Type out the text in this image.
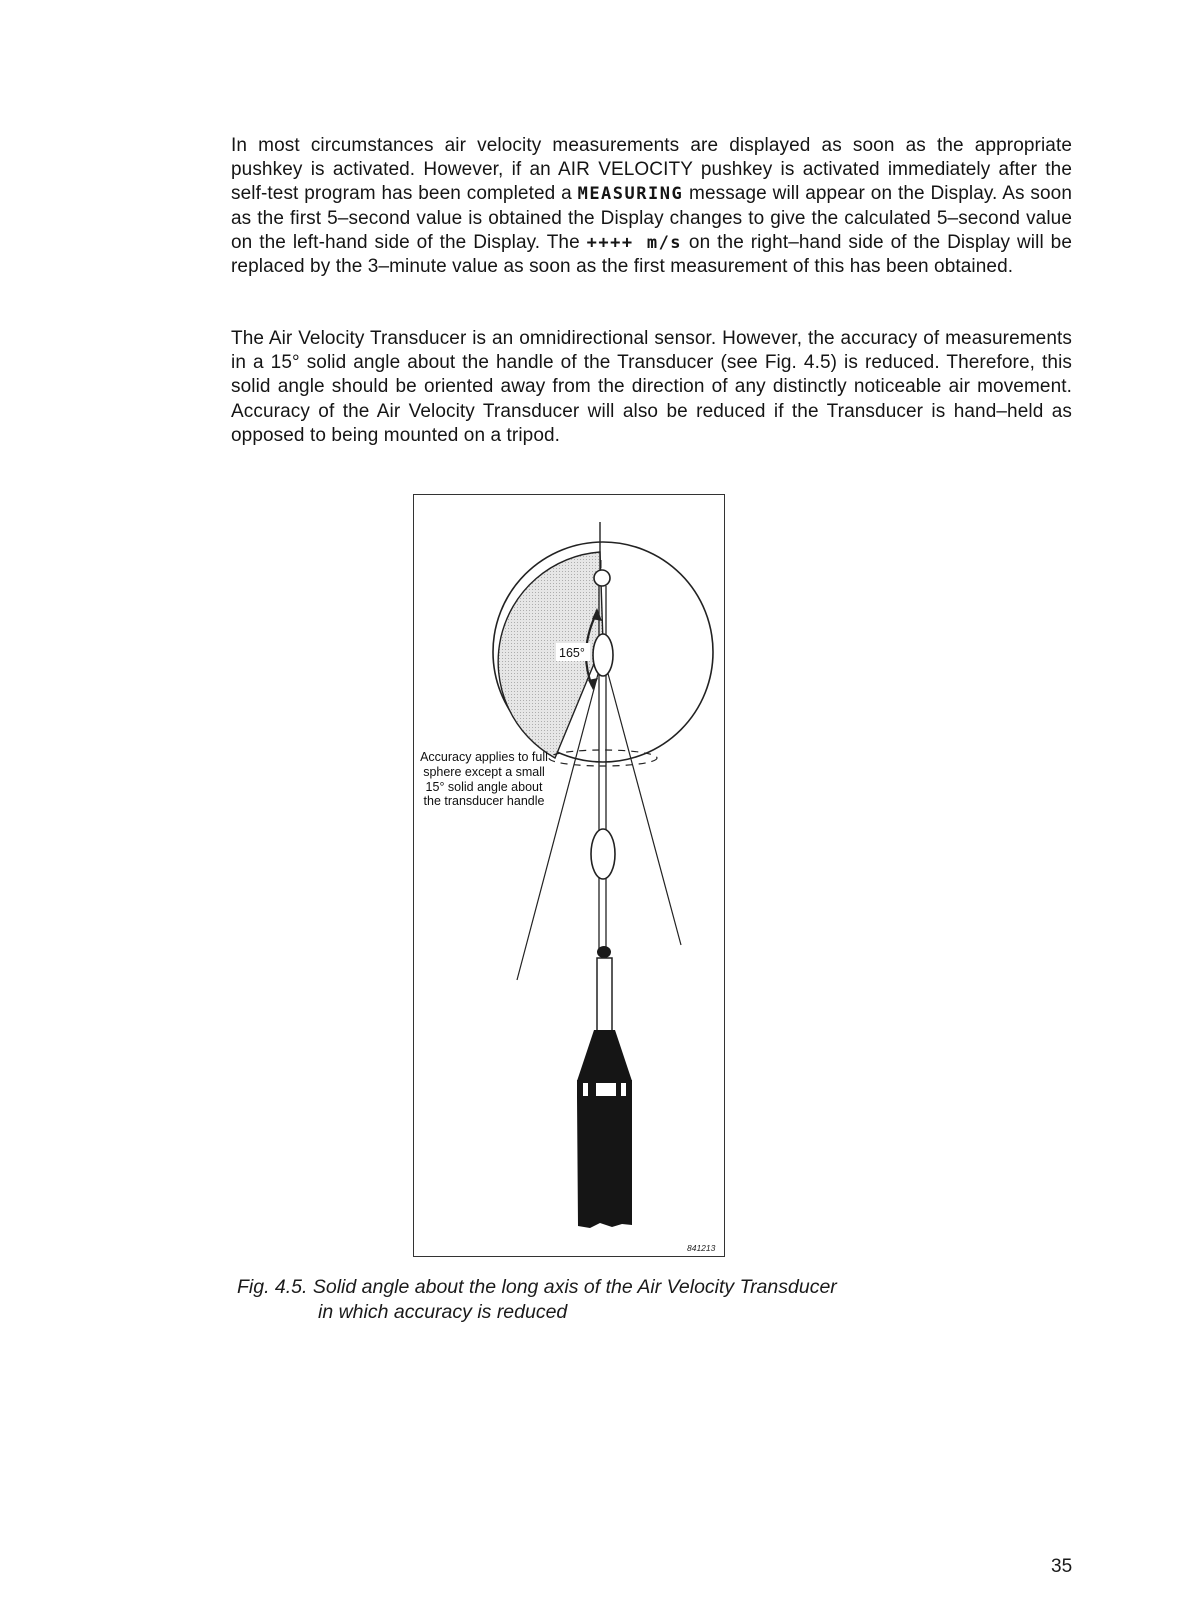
In most circumstances air velocity measurements are displayed as soon as the appropriate pushkey is activated. However, if an AIR VELOCITY pushkey is activated immediately after the self-test program has been completed a MEASURING message will appear on the Display. As soon as the first 5–second value is obtained the Display changes to give the calculated 5–second value on the left-hand side of the Display. The ++++ m/s on the right–hand side of the Display will be replaced by the 3–minute value as soon as the first measurement of this has been obtained.

The Air Velocity Transducer is an omnidirectional sensor. However, the accuracy of measurements in a 15° solid angle about the handle of the Transducer (see Fig. 4.5) is reduced. Therefore, this solid angle should be oriented away from the direction of any distinctly noticeable air movement. Accuracy of the Air Velocity Transducer will also be reduced if the Transducer is hand–held as opposed to being mounted on a tripod.

165°
Accuracy applies to full sphere except a small 15° solid angle about the transducer handle
841213
Fig. 4.5. Solid angle about the long axis of the Air Velocity Transducer
in which accuracy is reduced
35
